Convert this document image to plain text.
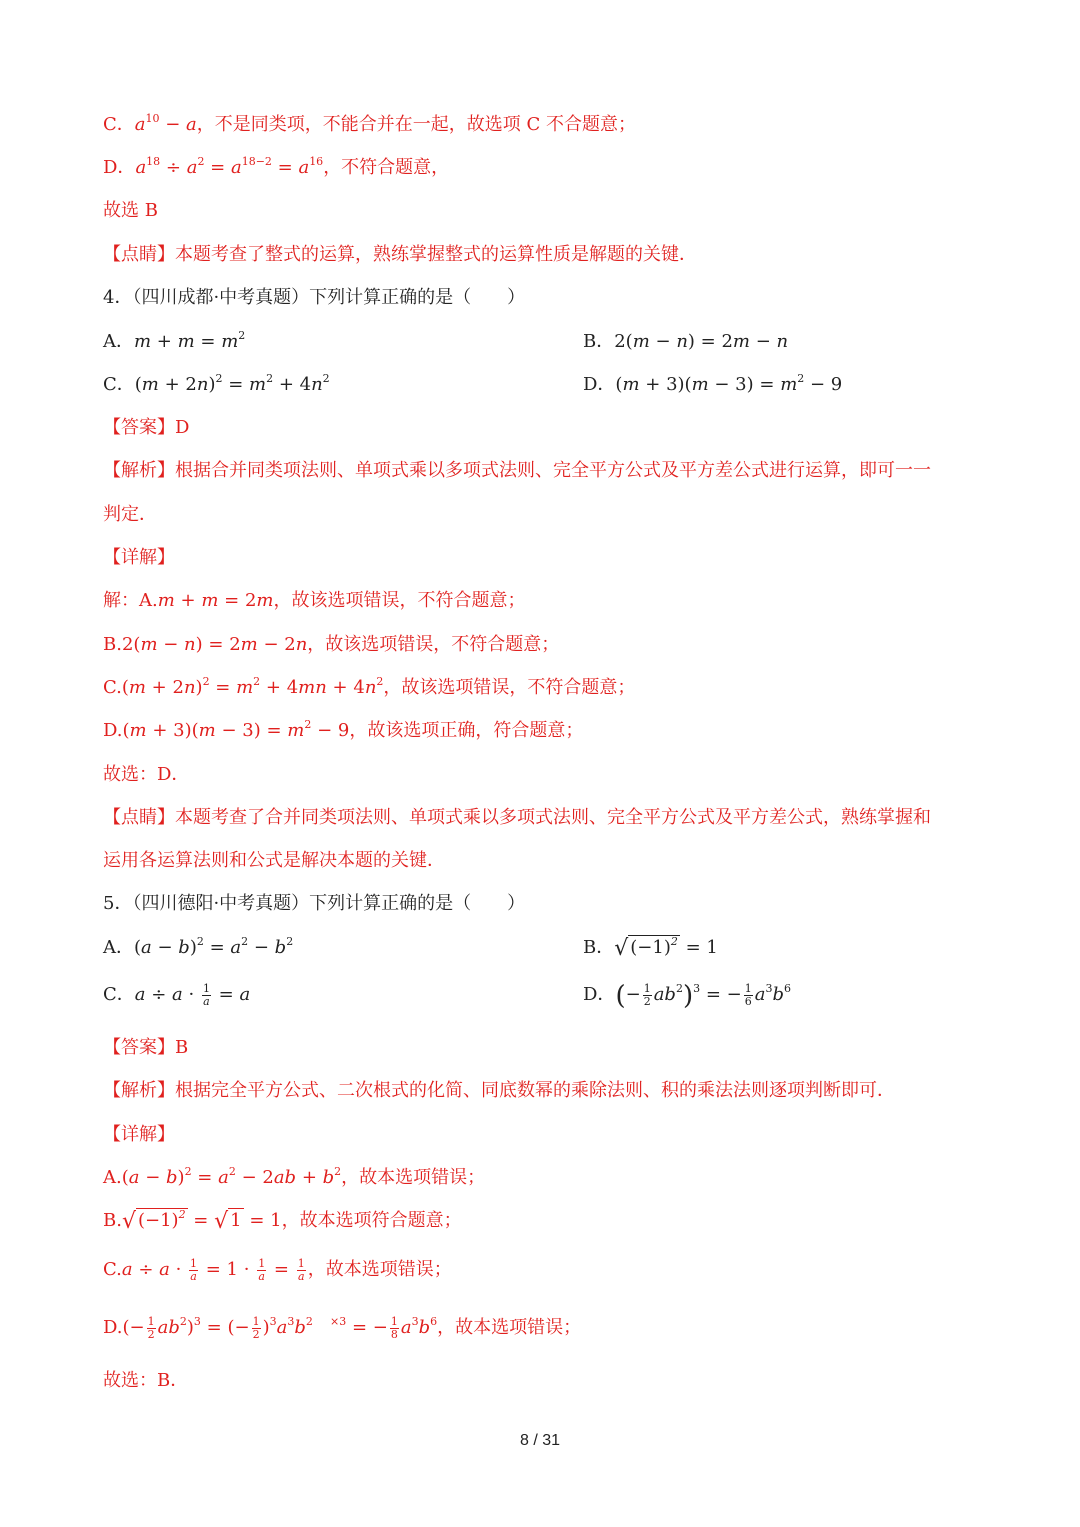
C．$a^{10} - a$，不是同类项，不能合并在一起，故选项 C 不合题意；
D．$a^{18} \div a^2 = a^{18-2} = a^{16}$，不符合题意，
故选 B
【点睛】本题考查了整式的运算，熟练掌握整式的运算性质是解题的关键．
4．（四川成都·中考真题）下列计算正确的是（　　）
A．$m + m = m^2$	B．2(m − n) = 2m − n
C．$(m + 2n)^2 = m^2 + 4n^2$	D．$(m + 3)(m - 3) = m^2 - 9$
【答案】D
【解析】根据合并同类项法则、单项式乘以多项式法则、完全平方公式及平方差公式进行运算，即可一一
判定．
【详解】
解：A.m + m = 2m，故该选项错误，不符合题意；
B.2(m − n) = 2m − 2n，故该选项错误，不符合题意；
$C.(m + 2n)^2 = m^2 + 4mn + 4n^2$，故该选项错误，不符合题意；
$D.(m + 3)(m - 3) = m^2 - 9$，故该选项正确，符合题意；
故选：D．
【点睛】本题考查了合并同类项法则、单项式乘以多项式法则、完全平方公式及平方差公式，熟练掌握和
运用各运算法则和公式是解决本题的关键．
5．（四川德阳·中考真题）下列计算正确的是（　　）
A．$(a - b)^2 = a^2 - b^2$	B．√ $(-1)^2 = 1$
C．$a \div a \cdot \frac{1}{a} = a$	D．(− $\frac{1}{2} ab^2)^3$ = − $\frac{1}{6} a^3b^6$
【答案】B
【解析】根据完全平方公式、二次根式的化简、同底数幂的乘除法则、积的乘法法则逐项判断即可．
【详解】
$A.(a - b)^2 = a^2 - 2ab + b^2$，故本选项错误；
B.√ $(-1)^2$ = √ 1 = 1，故本选项符合题意；
$C.a \div a \cdot \frac{1}{a} = 1 \cdot \frac{1}{a} = \frac{1}{a}$ ，故本选项错误；
$D.(- \frac{1}{2} ab^2)^3$ = (− $\frac{1}{2} )^3a^3b^2$ $^{\times 3}$ = − $\frac{1}{8} a^3b^6$，故本选项错误；
故选：B．
8 / 31
